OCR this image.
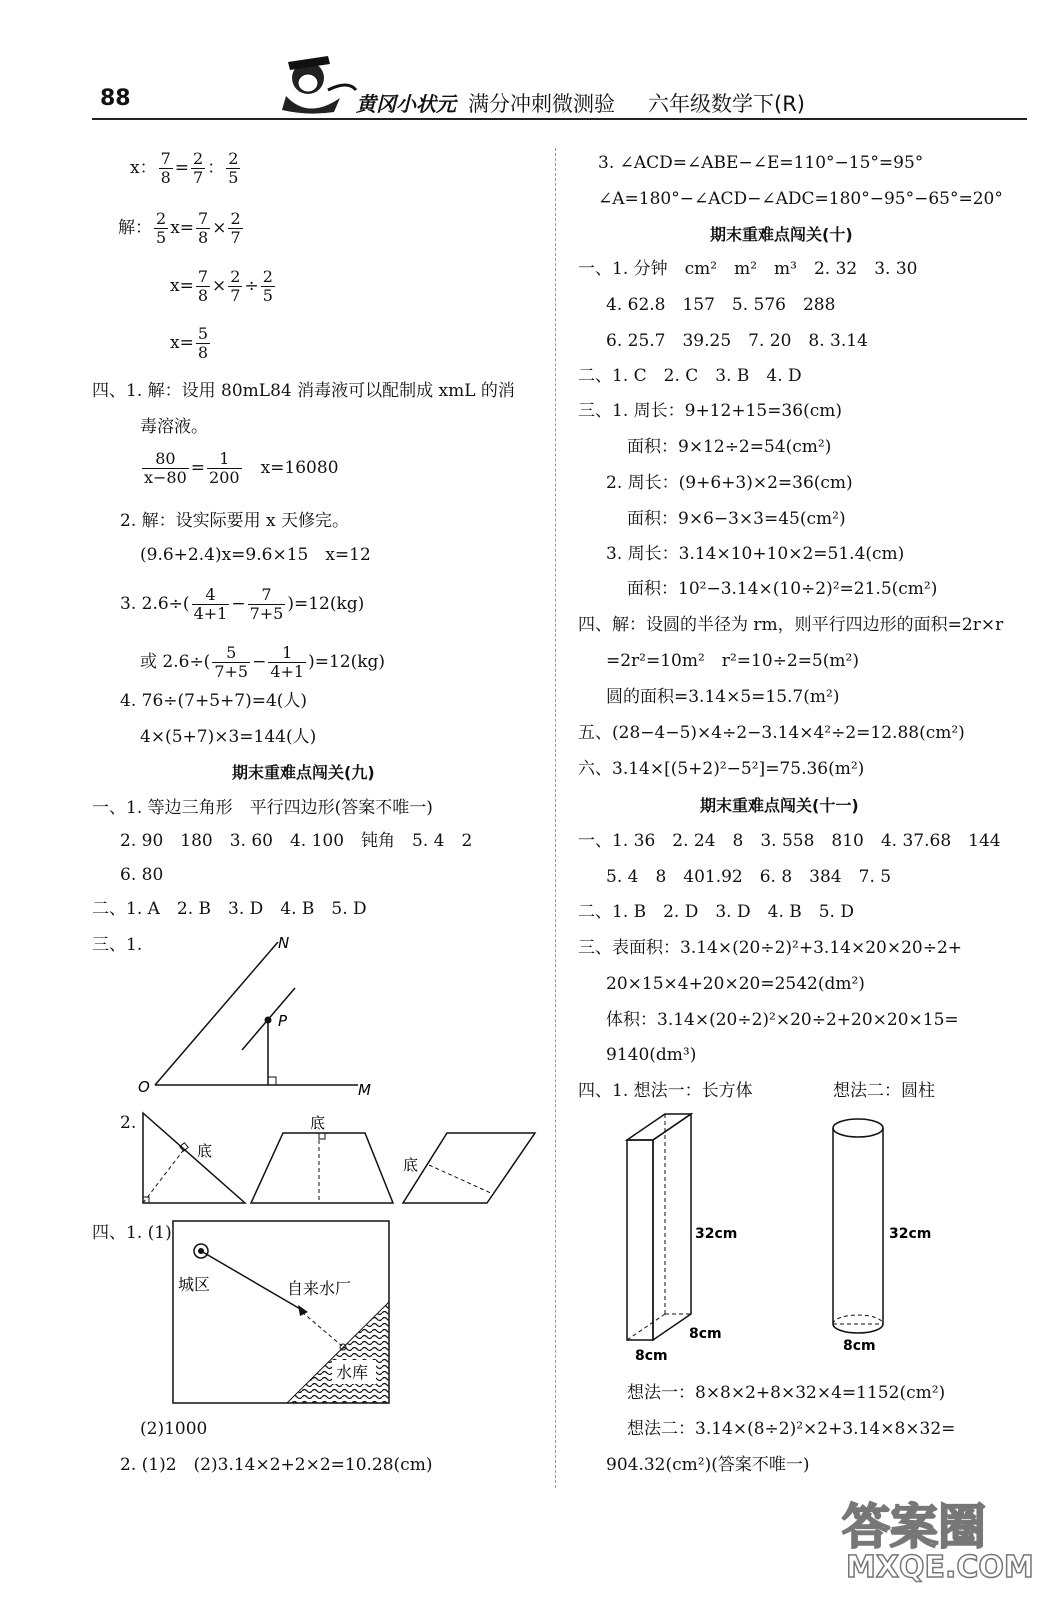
88	黄冈小状元 满分冲刺微测验 六年级数学下(R)
x： $\frac{7}{8} = \frac{2}{7}$ ： $\frac{2}{5}$
解： $\frac{2}{5} x= \frac{7}{8} \times \frac{2}{7}$
$x= \frac{7}{8} \times \frac{2}{7} \div \frac{2}{5}$
$x= \frac{5}{8}$
四、1. 解：设用 80mL84 消毒液可以配制成 xmL 的消
毒溶液。
$\frac{80}{x-80} = \frac{1}{200}$
　 x=16080
2. 解：设实际要用 x 天修完。
(9.6+2.4)x=9.6×15　x=12
3. $2.6\div( \frac{4}{4+1} - \frac{7}{7+5} )=12(kg)$
或 $2.6\div( \frac{5}{7+5} - \frac{1}{4+1} )=12(kg)$
4. 76÷(7+5+7)=4(人)
4×(5+7)×3=144(人)
期末重难点闯关(九)
一、1. 等边三角形　平行四边形(答案不唯一)
2. 90　180　3. 60　4. 100　钝角　5. 4　2
6. 80
二、1. A　2. B　3. D　4. B　5. D
三、1.	N
P
O	M
2.
底
底
底
四、1. (1)
城区	自来水厂
水库
(2)1000
2. (1)2　(2)3.14×2+2×2=10.28(cm)
3. ∠ACD=∠ABE−∠E=110°−15°=95°
∠A=180°−∠ACD−∠ADC=180°−95°−65°=20°
期末重难点闯关(十)
一、1. 分钟　cm²　m²　m³　2. 32　3. 30
4. 62.8　157　5. 576　288
6. 25.7　39.25　7. 20　8. 3.14
二、1. C　2. C　3. B　4. D
三、1. 周长：9+12+15=36(cm)
面积：9×12÷2=54(cm²)
2. 周长：(9+6+3)×2=36(cm)
面积：9×6−3×3=45(cm²)
3. 周长：3.14×10+10×2=51.4(cm)
面积：10²−3.14×(10÷2)²=21.5(cm²)
四、解：设圆的半径为 rm，则平行四边形的面积=2r×r
=2r²=10m²　r²=10÷2=5(m²)
圆的面积=3.14×5=15.7(m²)
五、(28−4−5)×4÷2−3.14×4²÷2=12.88(cm²)
六、3.14×[(5+2)²−5²]=75.36(m²)
期末重难点闯关(十一)
一、1. 36　2. 24　8　3. 558　810　4. 37.68　144
5. 4　8　401.92　6. 8　384　7. 5
二、1. B　2. D　3. D　4. B　5. D
三、表面积：3.14×(20÷2)²+3.14×20×20÷2+
20×15×4+20×20=2542(dm²)
体积：3.14×(20÷2)²×20÷2+20×20×15=
9140(dm³)
四、1. 想法一：长方体	想法二：圆柱
32cm
8cm
8cm
32cm
8cm
想法一：8×8×2+8×32×4=1152(cm²)
想法二：3.14×(8÷2)²×2+3.14×8×32=
904.32(cm²)(答案不唯一)
答案圈
MXQE.COM
